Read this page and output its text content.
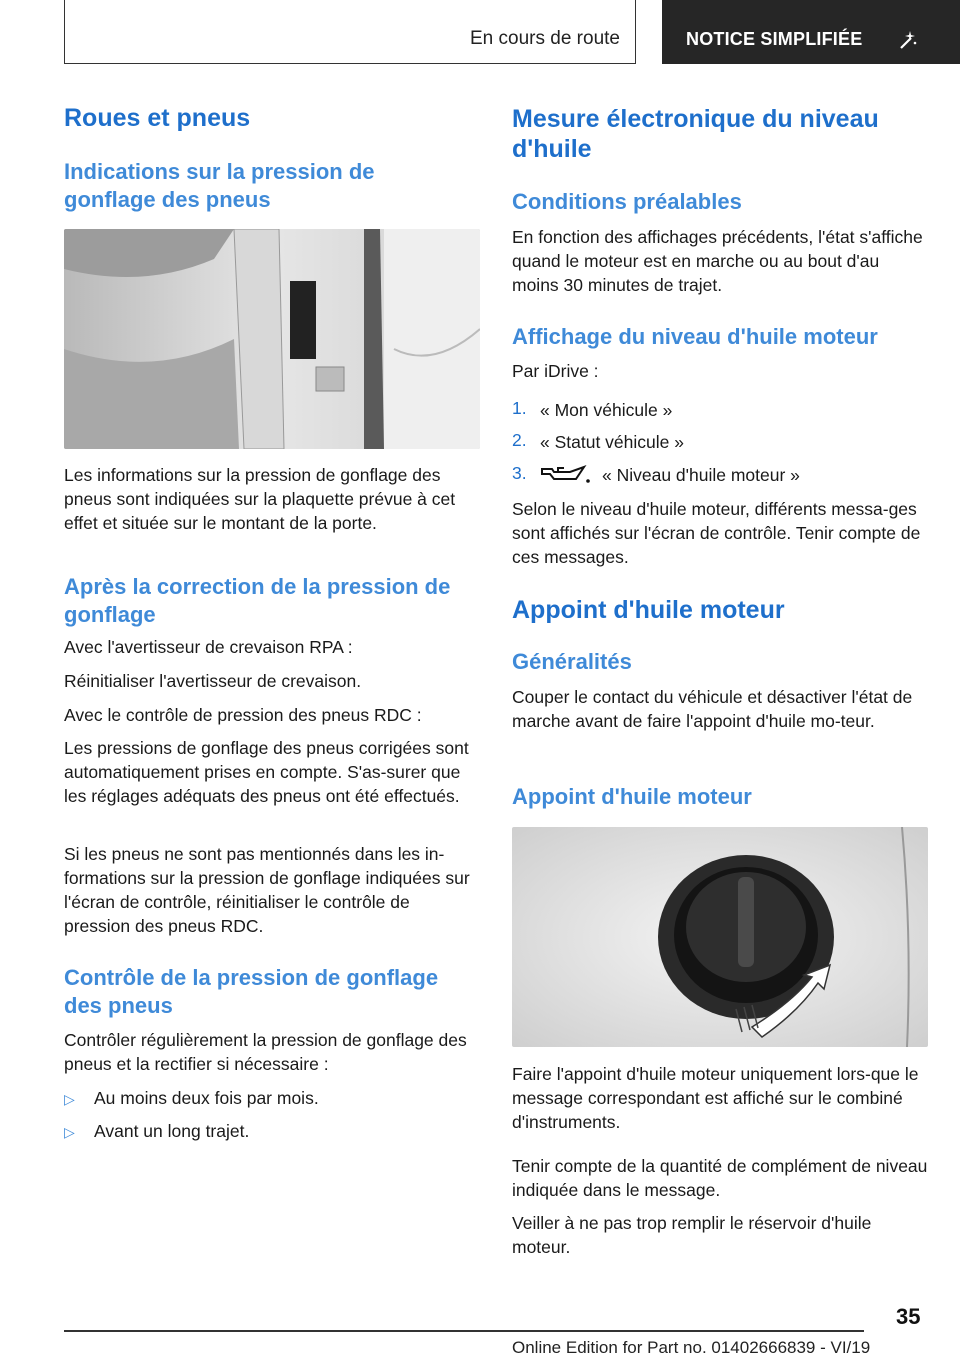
En cours de route	NOTICE SIMPLIFIÉE
Roues et pneus
Indications sur la pression de gonflage des pneus

Les informations sur la pression de gonflage des pneus sont indiquées sur la plaquette prévue à cet effet et située sur le montant de la porte.

Après la correction de la pression de gonflage

Avec l'avertisseur de crevaison RPA :

Réinitialiser l'avertisseur de crevaison.

Avec le contrôle de pression des pneus RDC :

Les pressions de gonflage des pneus corrigées sont automatiquement prises en compte. S'as-surer que les réglages adéquats des pneus ont été effectués.

Si les pneus ne sont pas mentionnés dans les in-formations sur la pression de gonflage indiquées sur l'écran de contrôle, réinitialiser le contrôle de pression des pneus RDC.

Contrôle de la pression de gonflage des pneus

Contrôler régulièrement la pression de gonflage des pneus et la rectifier si nécessaire :

▷ Au moins deux fois par mois.

▷ Avant un long trajet.

Mesure électronique du niveau d'huile
Conditions préalables

En fonction des affichages précédents, l'état s'affiche quand le moteur est en marche ou au bout d'au moins 30 minutes de trajet.

Affichage du niveau d'huile moteur

Par iDrive :

1. « Mon véhicule »

2. « Statut véhicule »

3.	« Niveau d'huile moteur »

Selon le niveau d'huile moteur, différents messa-ges sont affichés sur l'écran de contrôle. Tenir compte de ces messages.

Appoint d'huile moteur
Généralités

Couper le contact du véhicule et désactiver l'état de marche avant de faire l'appoint d'huile mo-teur.

Appoint d'huile moteur

Faire l'appoint d'huile moteur uniquement lors-que le message correspondant est affiché sur le combiné d'instruments.

Tenir compte de la quantité de complément de niveau indiquée dans le message.

Veiller à ne pas trop remplir le réservoir d'huile moteur.

35
Online Edition for Part no. 01402666839 - VI/19
